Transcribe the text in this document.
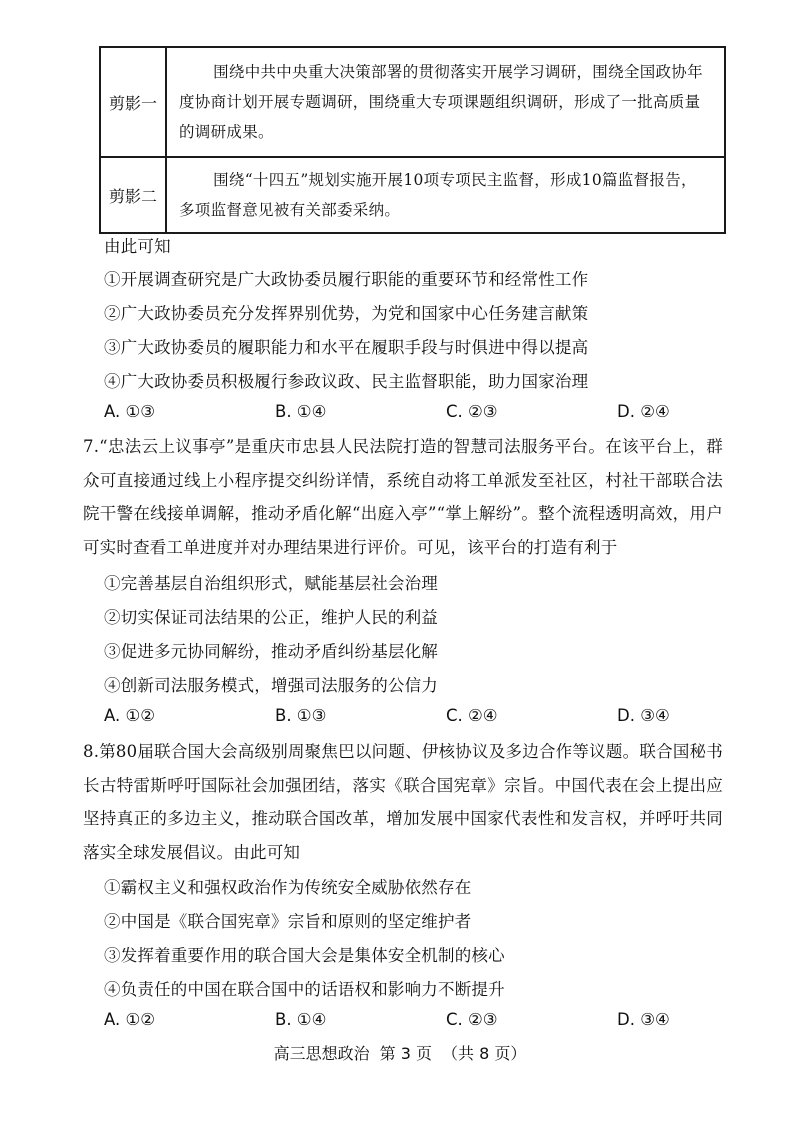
剪影一	围绕中共中央重大决策部署的贯彻落实开展学习调研，围绕全国政协年度协商计划开展专题调研，围绕重大专项课题组织调研，形成了一批高质量的调研成果。
剪影二	围绕“十四五”规划实施开展10项专项民主监督，形成10篇监督报告，多项监督意见被有关部委采纳。
由此可知
①开展调查研究是广大政协委员履行职能的重要环节和经常性工作
②广大政协委员充分发挥界别优势，为党和国家中心任务建言献策
③广大政协委员的履职能力和水平在履职手段与时俱进中得以提高
④广大政协委员积极履行参政议政、民主监督职能，助力国家治理
A. ①③	B. ①④	C. ②③	D. ②④
7.“忠法云上议事亭”是重庆市忠县人民法院打造的智慧司法服务平台。在该平台上，群众可直接通过线上小程序提交纠纷详情，系统自动将工单派发至社区，村社干部联合法院干警在线接单调解，推动矛盾化解“出庭入亭”“掌上解纷”。整个流程透明高效，用户可实时查看工单进度并对办理结果进行评价。可见，该平台的打造有利于
①完善基层自治组织形式，赋能基层社会治理
②切实保证司法结果的公正，维护人民的利益
③促进多元协同解纷，推动矛盾纠纷基层化解
④创新司法服务模式，增强司法服务的公信力
A. ①②	B. ①③	C. ②④	D. ③④
8.第80届联合国大会高级别周聚焦巴以问题、伊核协议及多边合作等议题。联合国秘书长古特雷斯呼吁国际社会加强团结，落实《联合国宪章》宗旨。中国代表在会上提出应坚持真正的多边主义，推动联合国改革，增加发展中国家代表性和发言权，并呼吁共同落实全球发展倡议。由此可知
①霸权主义和强权政治作为传统安全威胁依然存在
②中国是《联合国宪章》宗旨和原则的坚定维护者
③发挥着重要作用的联合国大会是集体安全机制的核心
④负责任的中国在联合国中的话语权和影响力不断提升
A. ①②	B. ①④	C. ②③	D. ③④
高三思想政治 第 3 页 （共 8 页）
